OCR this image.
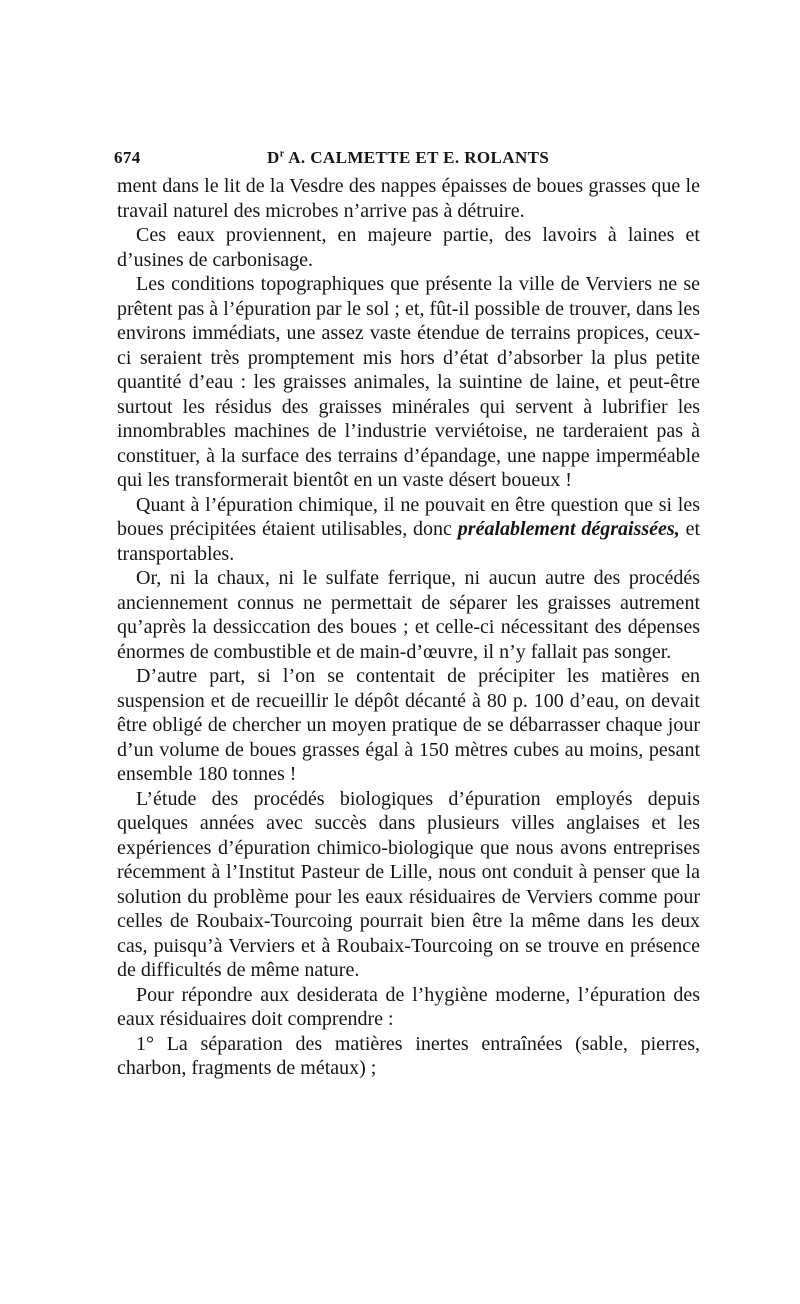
674	$D^r$ A. CALMETTE ET E. ROLANTS

ment dans le lit de la Vesdre des nappes épaisses de boues grasses que le travail naturel des microbes n’arrive pas à détruire.

Ces eaux proviennent, en majeure partie, des lavoirs à laines et d’usines de carbonisage.

Les conditions topographiques que présente la ville de Verviers ne se prêtent pas à l’épuration par le sol ; et, fût-il possible de trouver, dans les environs immédiats, une assez vaste étendue de terrains propices, ceux-ci seraient très promptement mis hors d’état d’absorber la plus petite quantité d’eau : les graisses animales, la suintine de laine, et peut-être surtout les résidus des graisses minérales qui servent à lubrifier les innombrables machines de l’industrie verviétoise, ne tarderaient pas à constituer, à la surface des terrains d’épandage, une nappe imperméable qui les transformerait bientôt en un vaste désert boueux !

Quant à l’épuration chimique, il ne pouvait en être question que si les boues précipitées étaient utilisables, donc préalablement dégraissées, et transportables.

Or, ni la chaux, ni le sulfate ferrique, ni aucun autre des procédés anciennement connus ne permettait de séparer les graisses autrement qu’après la dessiccation des boues ; et celle-ci nécessitant des dépenses énormes de combustible et de main-d’œuvre, il n’y fallait pas songer.

D’autre part, si l’on se contentait de précipiter les matières en suspension et de recueillir le dépôt décanté à 80 p. 100 d’eau, on devait être obligé de chercher un moyen pratique de se débarrasser chaque jour d’un volume de boues grasses égal à 150 mètres cubes au moins, pesant ensemble 180 tonnes !

L’étude des procédés biologiques d’épuration employés depuis quelques années avec succès dans plusieurs villes anglaises et les expériences d’épuration chimico-biologique que nous avons entreprises récemment à l’Institut Pasteur de Lille, nous ont conduit à penser que la solution du problème pour les eaux résiduaires de Verviers comme pour celles de Roubaix-Tourcoing pourrait bien être la même dans les deux cas, puisqu’à Verviers et à Roubaix-Tourcoing on se trouve en présence de difficultés de même nature.

Pour répondre aux desiderata de l’hygiène moderne, l’épuration des eaux résiduaires doit comprendre :

1° La séparation des matières inertes entraînées (sable, pierres, charbon, fragments de métaux) ;
